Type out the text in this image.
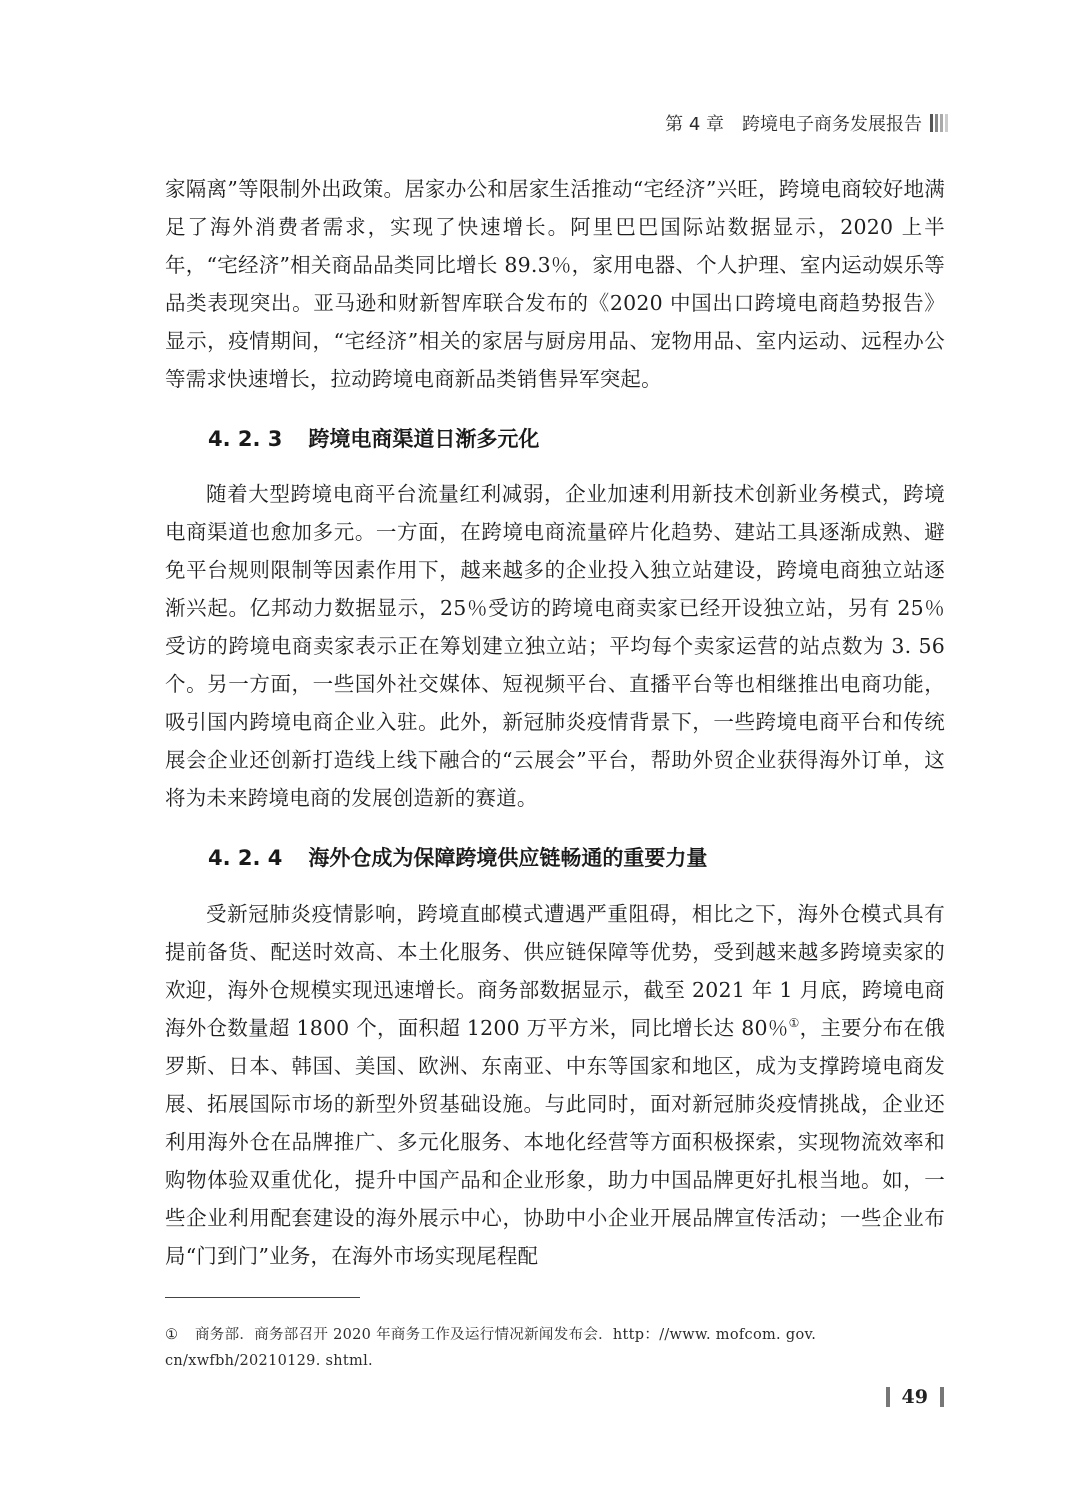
第 4 章 跨境电子商务发展报告

家隔离”等限制外出政策。居家办公和居家生活推动“宅经济”兴旺，跨境电商较好地满足了海外消费者需求，实现了快速增长。阿里巴巴国际站数据显示，2020 上半年，“宅经济”相关商品品类同比增长 89.3％，家用电器、个人护理、室内运动娱乐等品类表现突出。亚马逊和财新智库联合发布的《2020 中国出口跨境电商趋势报告》显示，疫情期间，“宅经济”相关的家居与厨房用品、宠物用品、室内运动、远程办公等需求快速增长，拉动跨境电商新品类销售异军突起。

4. 2. 3 跨境电商渠道日渐多元化

随着大型跨境电商平台流量红利减弱，企业加速利用新技术创新业务模式，跨境电商渠道也愈加多元。一方面，在跨境电商流量碎片化趋势、建站工具逐渐成熟、避免平台规则限制等因素作用下，越来越多的企业投入独立站建设，跨境电商独立站逐渐兴起。亿邦动力数据显示，25％受访的跨境电商卖家已经开设独立站，另有 25％受访的跨境电商卖家表示正在筹划建立独立站；平均每个卖家运营的站点数为 3. 56 个。另一方面，一些国外社交媒体、短视频平台、直播平台等也相继推出电商功能，吸引国内跨境电商企业入驻。此外，新冠肺炎疫情背景下，一些跨境电商平台和传统展会企业还创新打造线上线下融合的“云展会”平台，帮助外贸企业获得海外订单，这将为未来跨境电商的发展创造新的赛道。

4. 2. 4 海外仓成为保障跨境供应链畅通的重要力量

受新冠肺炎疫情影响，跨境直邮模式遭遇严重阻碍，相比之下，海外仓模式具有提前备货、配送时效高、本土化服务、供应链保障等优势，受到越来越多跨境卖家的欢迎，海外仓规模实现迅速增长。商务部数据显示，截至 2021 年 1 月底，跨境电商海外仓数量超 1800 个，面积超 1200 万平方米，同比增长达 80％①，主要分布在俄罗斯、日本、韩国、美国、欧洲、东南亚、中东等国家和地区，成为支撑跨境电商发展、拓展国际市场的新型外贸基础设施。与此同时，面对新冠肺炎疫情挑战，企业还利用海外仓在品牌推广、多元化服务、本地化经营等方面积极探索，实现物流效率和购物体验双重优化，提升中国产品和企业形象，助力中国品牌更好扎根当地。如，一些企业利用配套建设的海外展示中心，协助中小企业开展品牌宣传活动；一些企业布局“门到门”业务，在海外市场实现尾程配

① 商务部．商务部召开 2020 年商务工作及运行情况新闻发布会．http：//www. mofcom. gov. cn/xwfbh/20210129. shtml.

49
